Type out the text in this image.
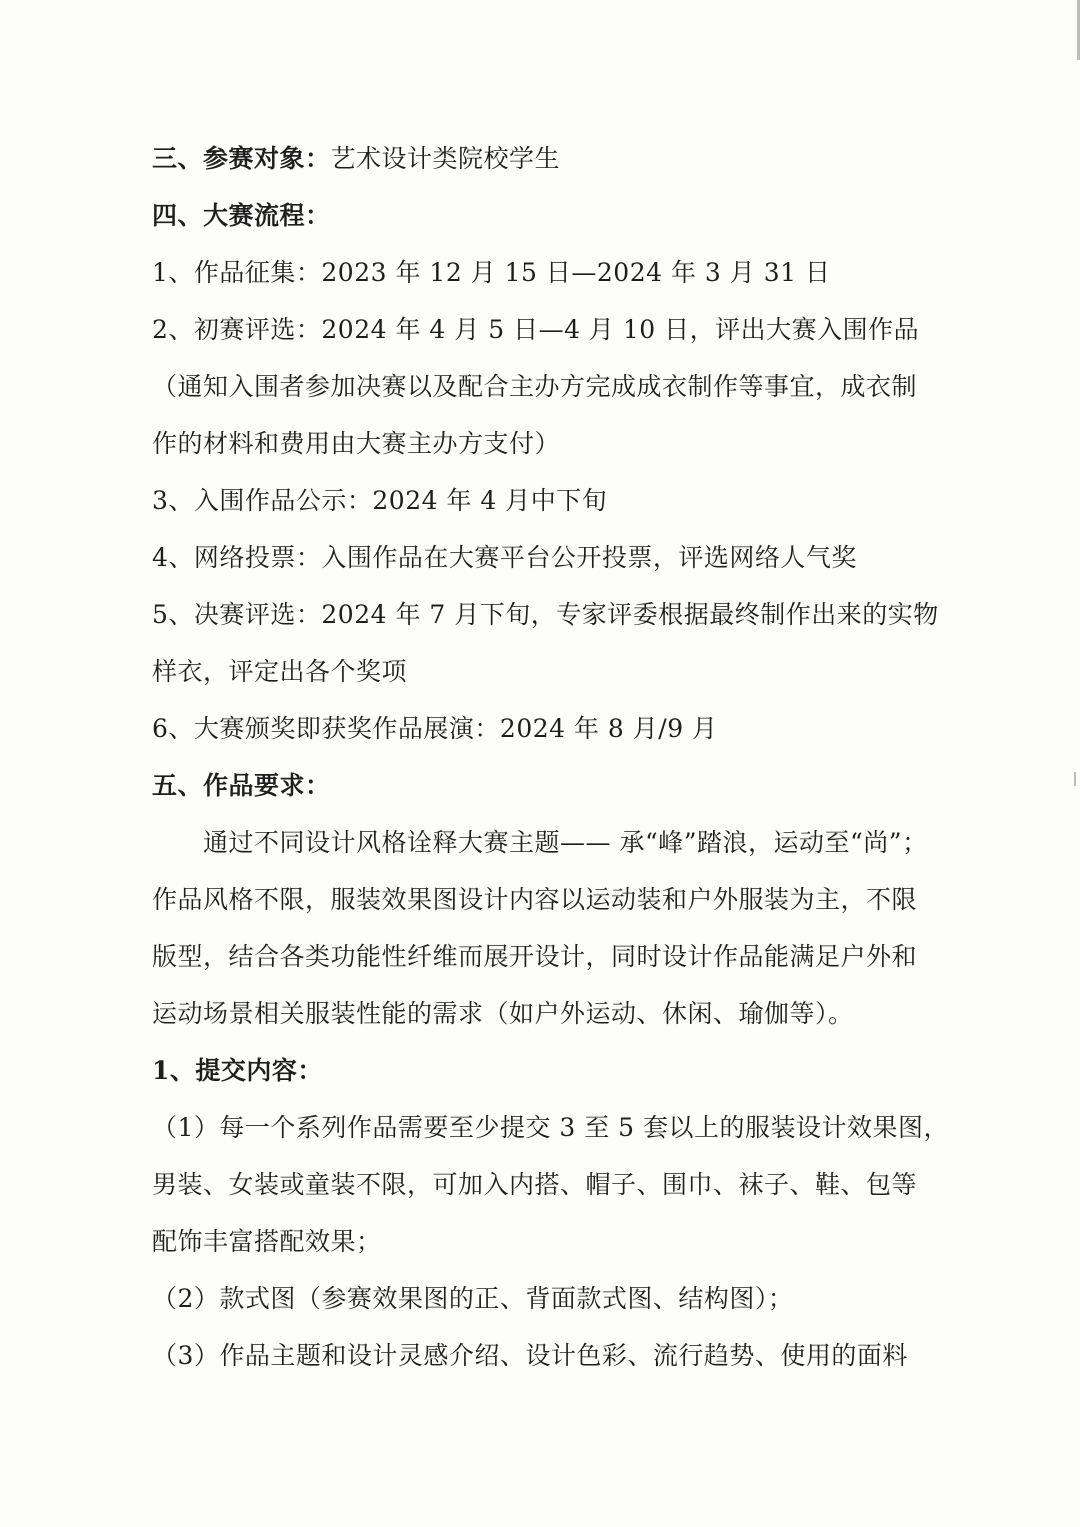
三、参赛对象：艺术设计类院校学生
四、大赛流程：
1、作品征集：2023 年 12 月 15 日—2024 年 3 月 31 日
2、初赛评选：2024 年 4 月 5 日—4 月 10 日，评出大赛入围作品
（通知入围者参加决赛以及配合主办方完成成衣制作等事宜，成衣制
作的材料和费用由大赛主办方支付）
3、入围作品公示：2024 年 4 月中下旬
4、网络投票：入围作品在大赛平台公开投票，评选网络人气奖
5、决赛评选：2024 年 7 月下旬，专家评委根据最终制作出来的实物
样衣，评定出各个奖项
6、大赛颁奖即获奖作品展演：2024 年 8 月/9 月
五、作品要求：
通过不同设计风格诠释大赛主题—— 承“峰”踏浪，运动至“尚”；
作品风格不限，服装效果图设计内容以运动装和户外服装为主，不限
版型，结合各类功能性纤维而展开设计，同时设计作品能满足户外和
运动场景相关服装性能的需求（如户外运动、休闲、瑜伽等）。
1、提交内容：
（1）每一个系列作品需要至少提交 3 至 5 套以上的服装设计效果图，
男装、女装或童装不限，可加入内搭、帽子、围巾、袜子、鞋、包等
配饰丰富搭配效果；
（2）款式图（参赛效果图的正、背面款式图、结构图）；
（3）作品主题和设计灵感介绍、设计色彩、流行趋势、使用的面料
